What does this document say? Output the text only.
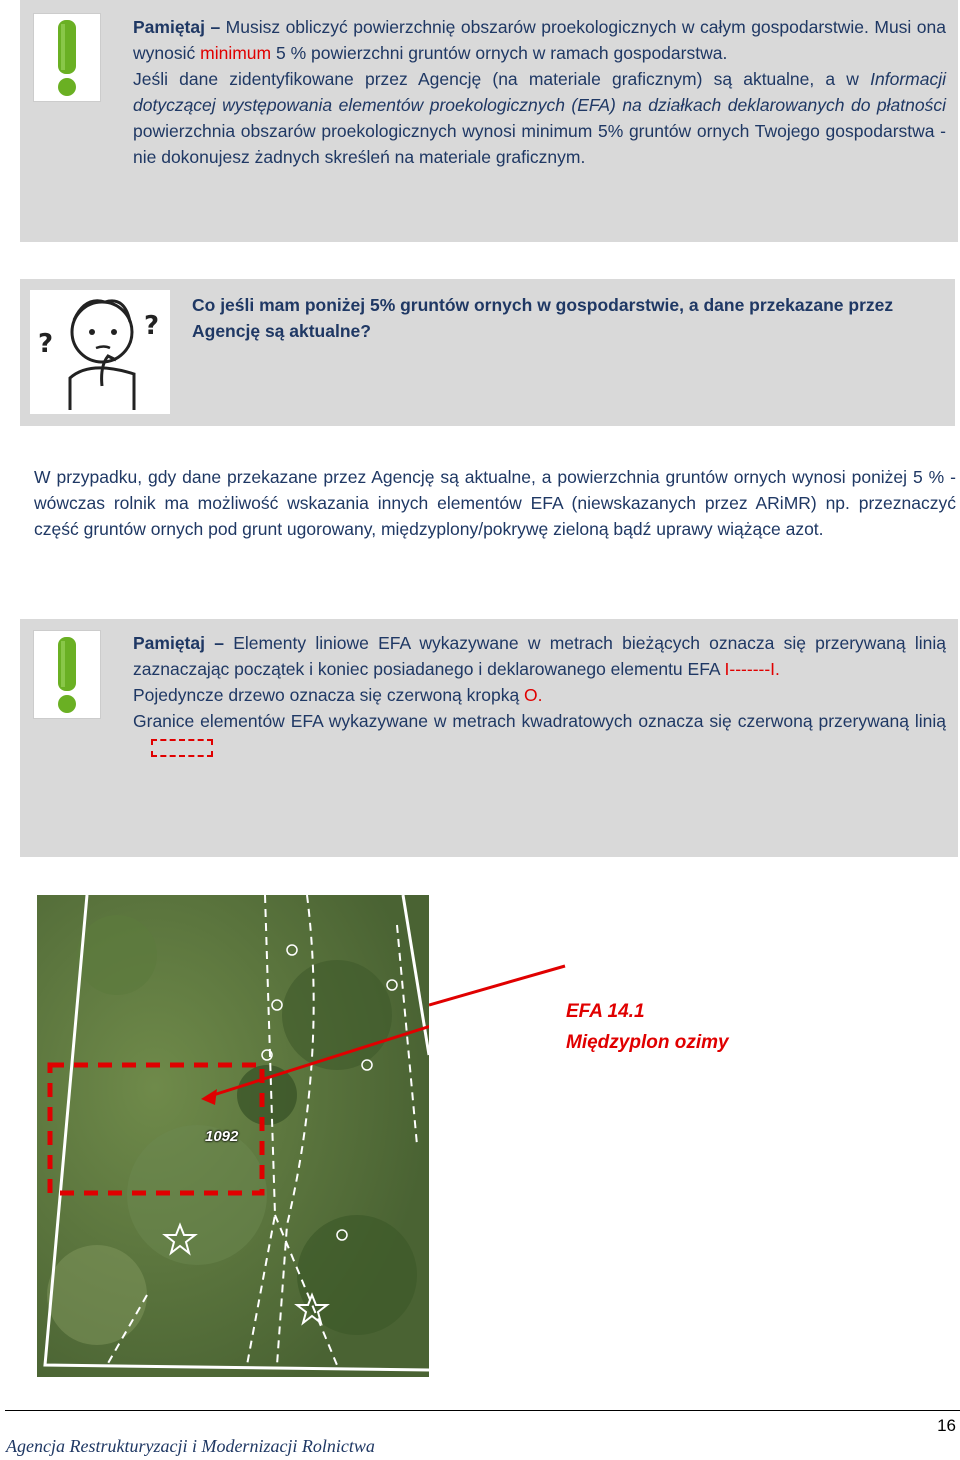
Pamiętaj – Musisz obliczyć powierzchnię obszarów proekologicznych w całym gospodarstwie. Musi ona wynosić minimum 5 % powierzchni gruntów ornych w ramach gospodarstwa.
Jeśli dane zidentyfikowane przez Agencję (na materiale graficznym) są aktualne, a w Informacji dotyczącej występowania elementów proekologicznych (EFA) na działkach deklarowanych do płatności powierzchnia obszarów proekologicznych wynosi minimum 5% gruntów ornych Twojego gospodarstwa - nie dokonujesz żadnych skreśleń na materiale graficznym.
?
?
Co jeśli mam poniżej 5% gruntów ornych w gospodarstwie, a dane przekazane przez Agencję są aktualne?
W przypadku, gdy dane przekazane przez Agencję są aktualne, a powierzchnia gruntów ornych wynosi poniżej 5 % - wówczas rolnik ma możliwość wskazania innych elementów EFA (niewskazanych przez ARiMR) np. przeznaczyć część gruntów ornych pod grunt ugorowany, międzyplony/pokrywę zieloną bądź uprawy wiążące azot.
Pamiętaj – Elementy liniowe EFA wykazywane w metrach bieżących oznacza się przerywaną linią zaznaczając początek i koniec posiadanego i deklarowanego elementu EFA I-------I.
Pojedyncze drzewo oznacza się czerwoną kropką O.
Granice elementów EFA wykazywane w metrach kwadratowych oznacza się czerwoną przerywaną linią
1092
EFA 14.1
Międzyplon ozimy
16
Agencja Restrukturyzacji i Modernizacji Rolnictwa
